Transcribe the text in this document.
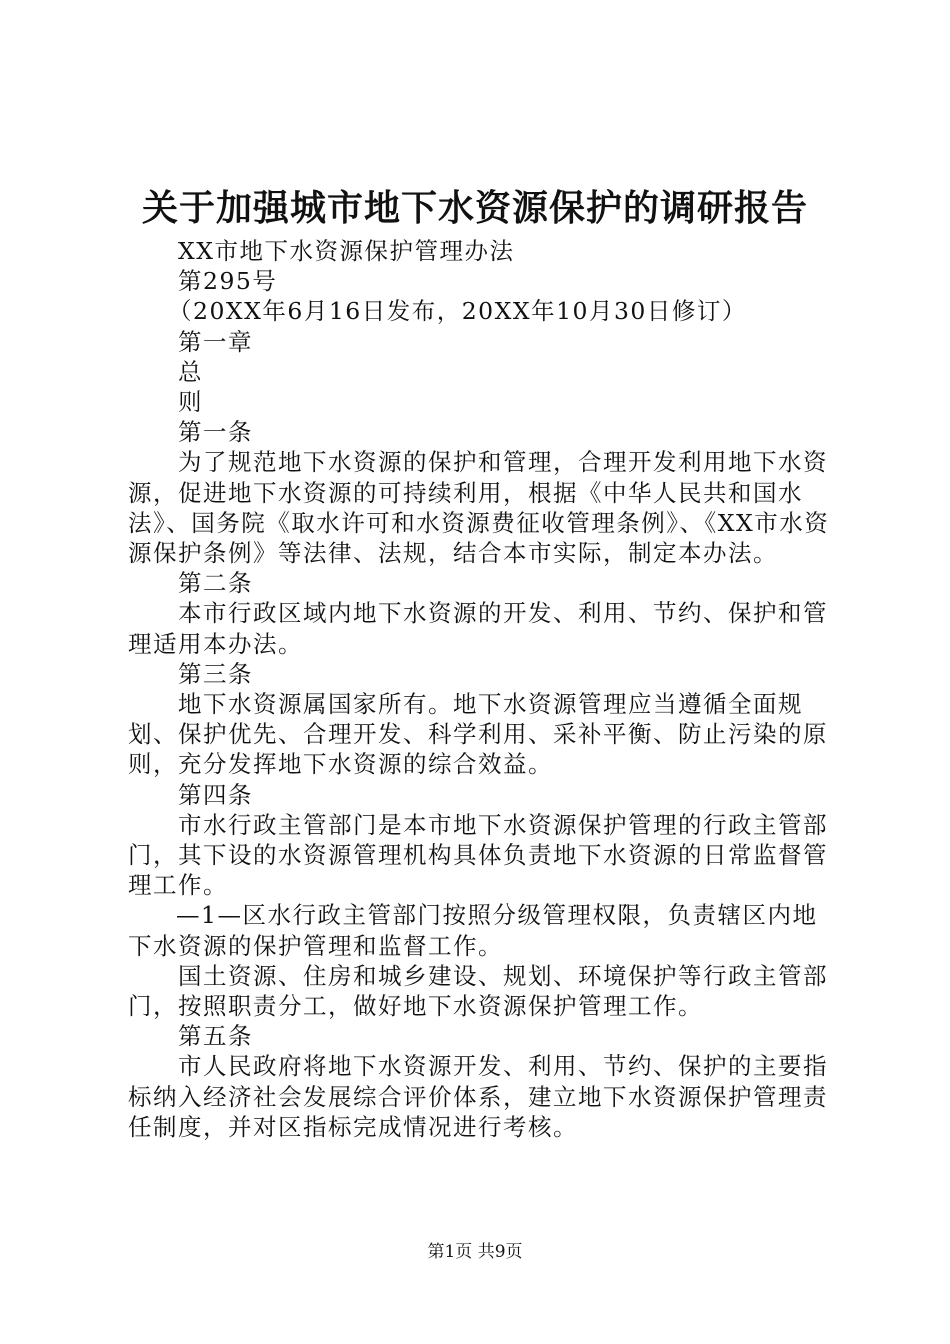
关于加强城市地下水资源保护的调研报告

XX市地下水资源保护管理办法

第295号

（20XX年6月16日发布，20XX年10月30日修订）

第一章

总

则

第一条

为了规范地下水资源的保护和管理，合理开发利用地下水资源，促进地下水资源的可持续利用，根据《中华人民共和国水法》、国务院《取水许可和水资源费征收管理条例》、《XX市水资源保护条例》等法律、法规，结合本市实际，制定本办法。

第二条

本市行政区域内地下水资源的开发、利用、节约、保护和管理适用本办法。

第三条

地下水资源属国家所有。地下水资源管理应当遵循全面规划、保护优先、合理开发、科学利用、采补平衡、防止污染的原则，充分发挥地下水资源的综合效益。

第四条

市水行政主管部门是本市地下水资源保护管理的行政主管部门，其下设的水资源管理机构具体负责地下水资源的日常监督管理工作。

—1—区水行政主管部门按照分级管理权限，负责辖区内地下水资源的保护管理和监督工作。

国土资源、住房和城乡建设、规划、环境保护等行政主管部门，按照职责分工，做好地下水资源保护管理工作。

第五条

市人民政府将地下水资源开发、利用、节约、保护的主要指标纳入经济社会发展综合评价体系，建立地下水资源保护管理责任制度，并对区指标完成情况进行考核。

第1页 共9页
